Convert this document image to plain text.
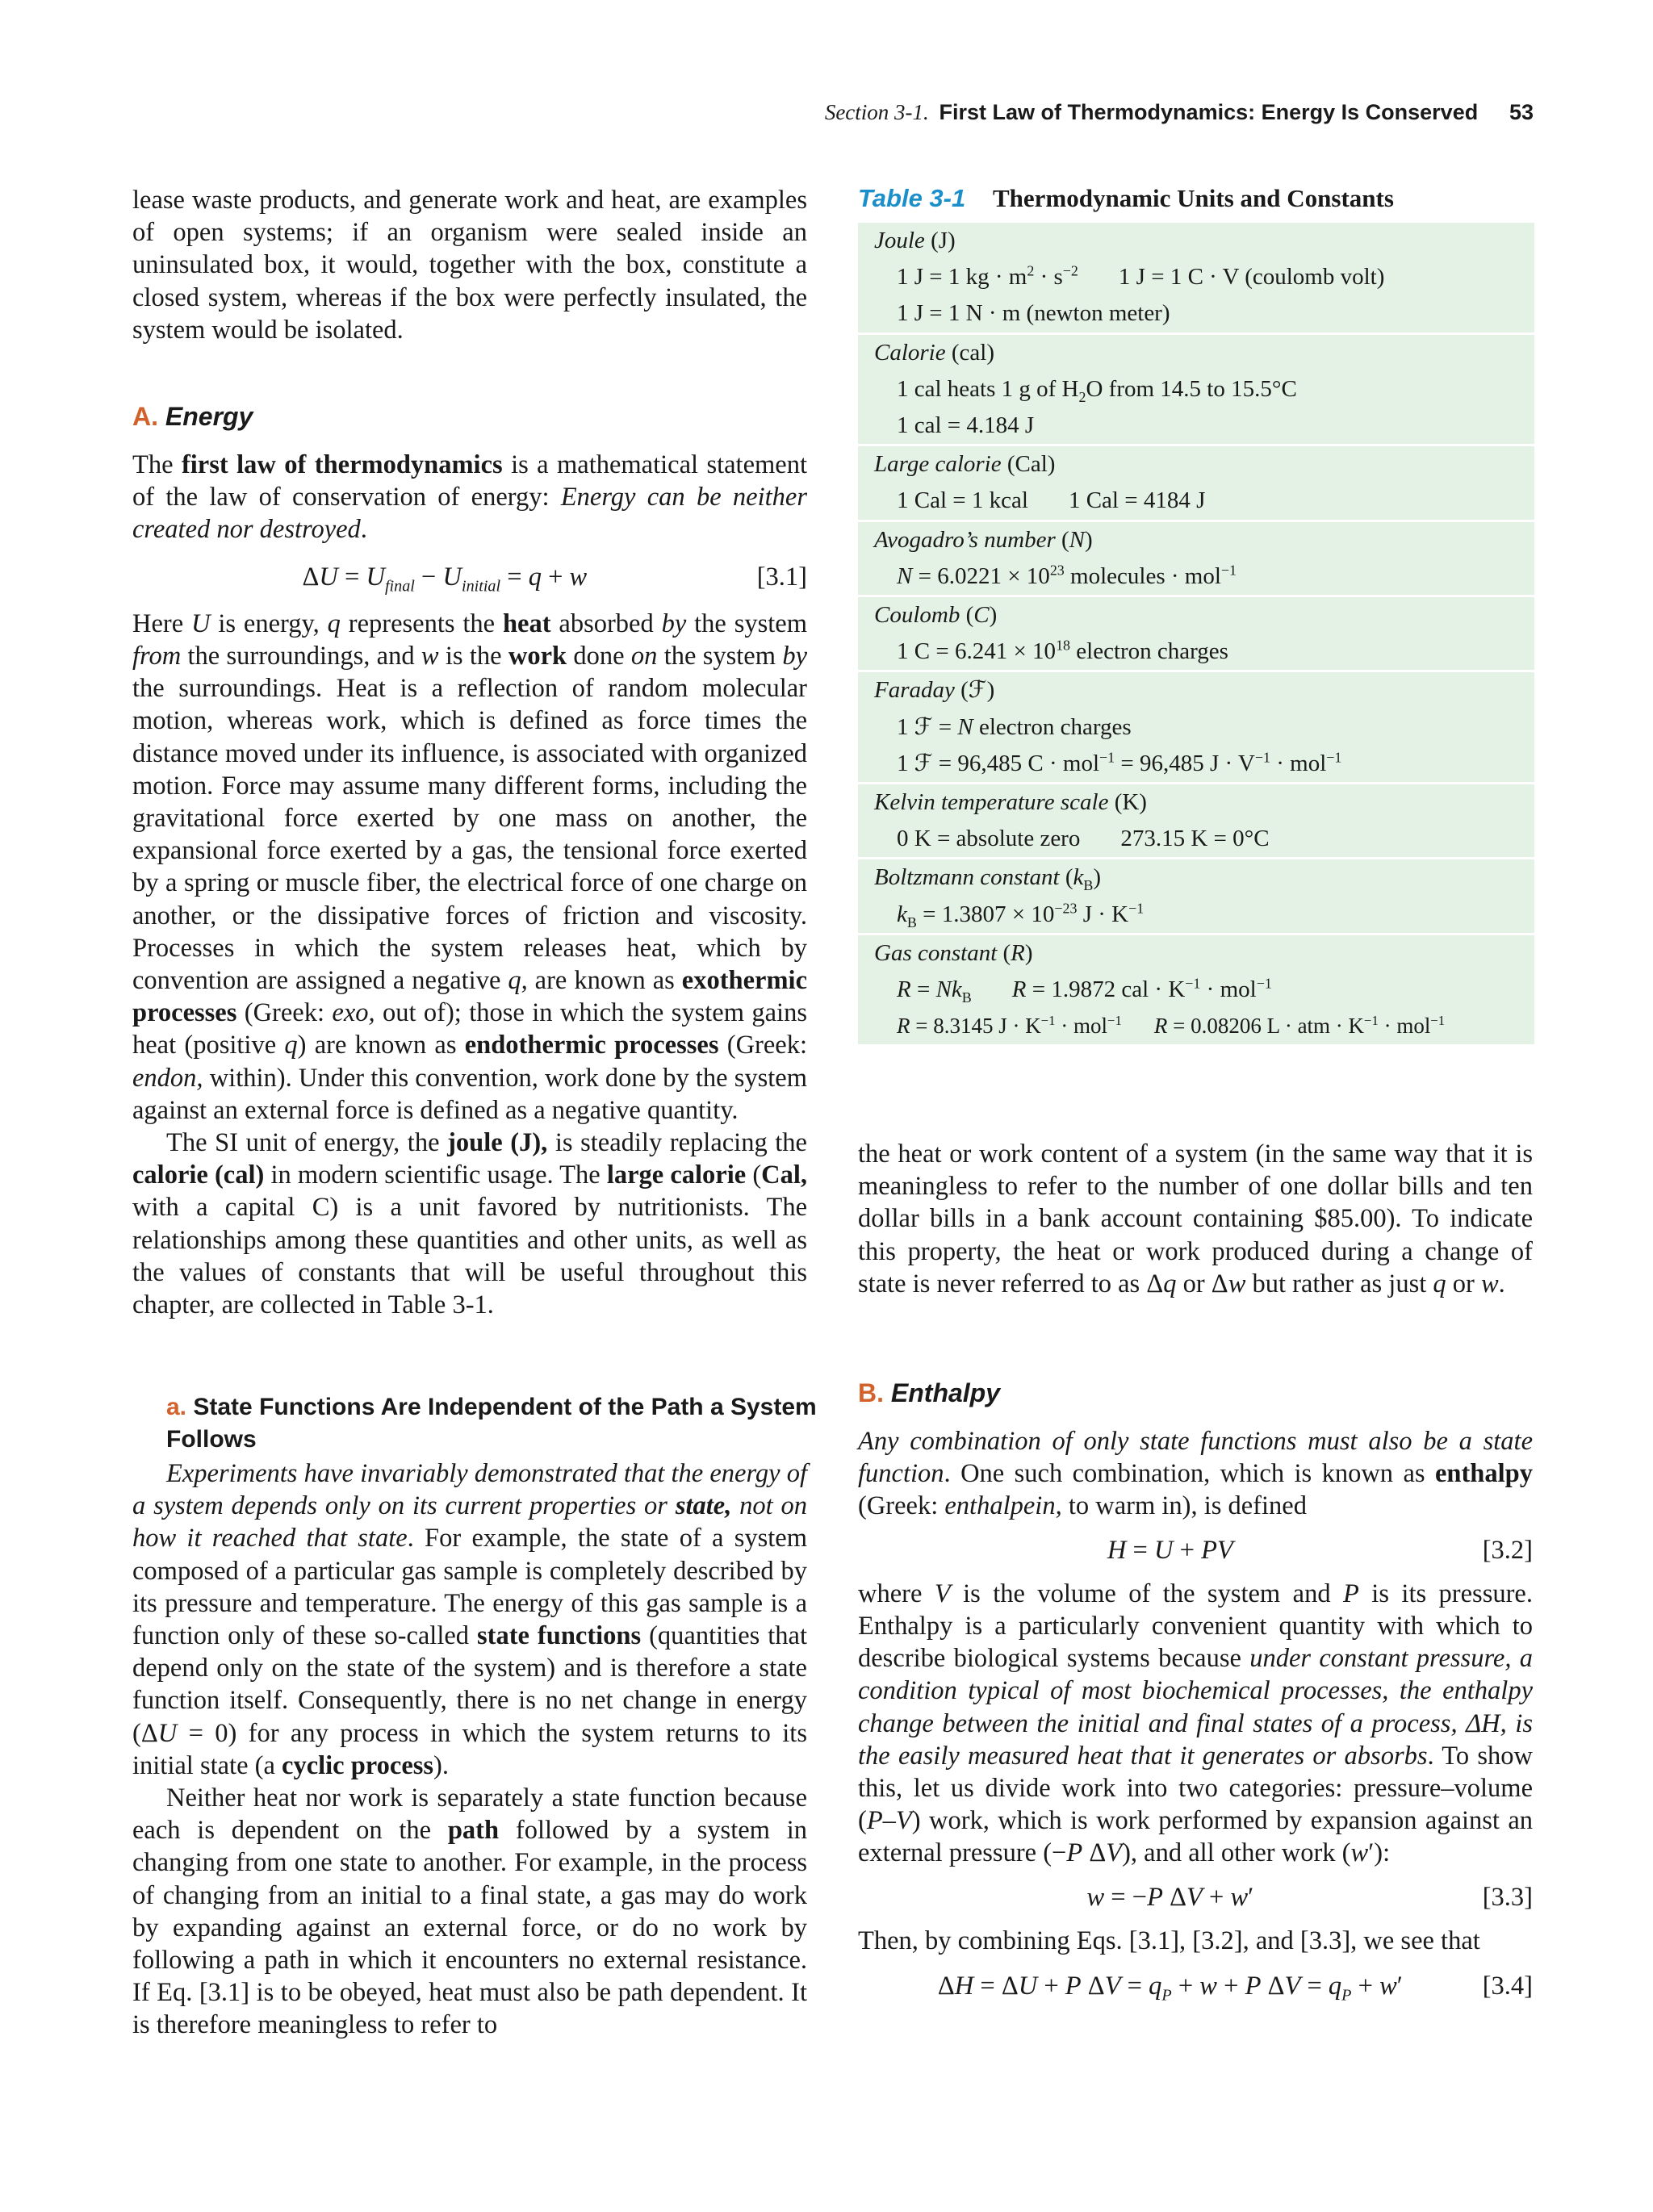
Section 3-1. First Law of Thermodynamics: Energy Is Conserved 53

lease waste products, and generate work and heat, are examples of open systems; if an organism were sealed inside an uninsulated box, it would, together with the box, constitute a closed system, whereas if the box were perfectly insulated, the system would be isolated.

A. Energy

The first law of thermodynamics is a mathematical statement of the law of conservation of energy: Energy can be neither created nor destroyed.

$\Delta U = U_{final} - U_{initial} = q + w$	[3.1]

Here U is energy, q represents the heat absorbed by the system from the surroundings, and w is the work done on the system by the surroundings. Heat is a reflection of random molecular motion, whereas work, which is defined as force times the distance moved under its influence, is associated with organized motion. Force may assume many different forms, including the gravitational force exerted by one mass on another, the expansional force exerted by a gas, the tensional force exerted by a spring or muscle fiber, the electrical force of one charge on another, or the dissipative forces of friction and viscosity. Processes in which the system releases heat, which by convention are assigned a negative q, are known as exothermic processes (Greek: exo, out of); those in which the system gains heat (positive q) are known as endothermic processes (Greek: endon, within). Under this convention, work done by the system against an external force is defined as a negative quantity.

The SI unit of energy, the joule (J), is steadily replacing the calorie (cal) in modern scientific usage. The large calorie (Cal, with a capital C) is a unit favored by nutritionists. The relationships among these quantities and other units, as well as the values of constants that will be useful throughout this chapter, are collected in Table 3-1.

a. State Functions Are Independent of the Path a System Follows

Experiments have invariably demonstrated that the energy of a system depends only on its current properties or state, not on how it reached that state. For example, the state of a system composed of a particular gas sample is completely described by its pressure and temperature. The energy of this gas sample is a function only of these so-called state functions (quantities that depend only on the state of the system) and is therefore a state function itself. Consequently, there is no net change in energy (ΔU = 0) for any process in which the system returns to its initial state (a cyclic process).

Neither heat nor work is separately a state function because each is dependent on the path followed by a system in changing from one state to another. For example, in the process of changing from an initial to a final state, a gas may do work by expanding against an external force, or do no work by following a path in which it encounters no external resistance. If Eq. [3.1] is to be obeyed, heat must also be path dependent. It is therefore meaningless to refer to

Table 3-1 Thermodynamic Units and Constants
Joule (J)
1 J = 1 kg · $m^2 \cdot s^{-2}$ 1 J = 1 C · V (coulomb volt)
1 J = 1 N · m (newton meter)
Calorie (cal)
1 cal heats 1 g of $H_2O$ from 14.5 to 15.5°C
1 cal = 4.184 J
Large calorie (Cal)
1 Cal = 1 kcal 1 Cal = 4184 J
Avogadro’s number (N)
$N = 6.0221 \times 10^{23}$ molecules · mol$^{-1}$
Coulomb (C)
1 $C = 6.241 \times 10^{18}$ electron charges
Faraday (ℱ)
1 ℱ = N electron charges
1 ℱ = 96,485 C · mol$^{-1}$ = 96,485 $J \cdot V^{-1} \cdot mol^{-1}$
Kelvin temperature scale (K)
0 K = absolute zero 273.15 K = 0°C
Boltzmann constant $(k_B)$
$k_B = 1.3807 \times 10^{-23}$ $J \cdot K^{-1}$
Gas constant (R)
$R = Nk_B$ R = 1.9872 cal · $K^{-1} \cdot mol^{-1}$
R = 8.3145 $J \cdot K^{-1} \cdot mol^{-1}$ R = 0.08206 L · atm · $K^{-1} \cdot mol^{-1}$

the heat or work content of a system (in the same way that it is meaningless to refer to the number of one dollar bills and ten dollar bills in a bank account containing $85.00). To indicate this property, the heat or work produced during a change of state is never referred to as Δq or Δw but rather as just q or w.

B. Enthalpy

Any combination of only state functions must also be a state function. One such combination, which is known as enthalpy (Greek: enthalpein, to warm in), is defined

H = U + PV	[3.2]

where V is the volume of the system and P is its pressure. Enthalpy is a particularly convenient quantity with which to describe biological systems because under constant pressure, a condition typical of most biochemical processes, the enthalpy change between the initial and final states of a process, ΔH, is the easily measured heat that it generates or absorbs. To show this, let us divide work into two categories: pressure–volume (P–V) work, which is work performed by expansion against an external pressure (−P ΔV), and all other work (w′):

w = −P ΔV + w′	[3.3]

Then, by combining Eqs. [3.1], [3.2], and [3.3], we see that

ΔH = ΔU + P $\Delta V = q_P + w + P$ $\Delta V = q_P + w'$	[3.4]
